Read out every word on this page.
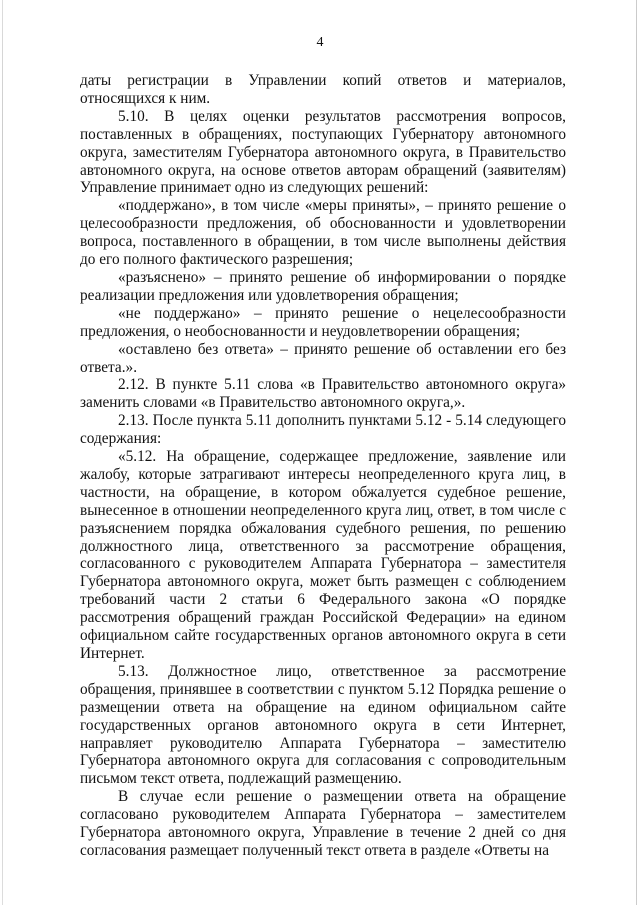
4

даты регистрации в Управлении копий ответов и материалов, относящихся к ним.

5.10. В целях оценки результатов рассмотрения вопросов, поставленных в обращениях, поступающих Губернатору автономного округа, заместителям Губернатора автономного округа, в Правительство автономного округа, на основе ответов авторам обращений (заявителям) Управление принимает одно из следующих решений:

«поддержано», в том числе «меры приняты», – принято решение о целесообразности предложения, об обоснованности и удовлетворении вопроса, поставленного в обращении, в том числе выполнены действия до его полного фактического разрешения;

«разъяснено» – принято решение об информировании о порядке реализации предложения или удовлетворения обращения;

«не поддержано» – принято решение о нецелесообразности предложения, о необоснованности и неудовлетворении обращения;

«оставлено без ответа» – принято решение об оставлении его без ответа.».

2.12. В пункте 5.11 слова «в Правительство автономного округа» заменить словами «в Правительство автономного округа,».

2.13. После пункта 5.11 дополнить пунктами 5.12 - 5.14 следующего содержания:

«5.12. На обращение, содержащее предложение, заявление или жалобу, которые затрагивают интересы неопределенного круга лиц, в частности, на обращение, в котором обжалуется судебное решение, вынесенное в отношении неопределенного круга лиц, ответ, в том числе с разъяснением порядка обжалования судебного решения, по решению должностного лица, ответственного за рассмотрение обращения, согласованного с руководителем Аппарата Губернатора – заместителя Губернатора автономного округа, может быть размещен с соблюдением требований части 2 статьи 6 Федерального закона «О порядке рассмотрения обращений граждан Российской Федерации» на едином официальном сайте государственных органов автономного округа в сети Интернет.

5.13. Должностное лицо, ответственное за рассмотрение обращения, принявшее в соответствии с пунктом 5.12 Порядка решение о размещении ответа на обращение на едином официальном сайте государственных органов автономного округа в сети Интернет, направляет руководителю Аппарата Губернатора – заместителю Губернатора автономного округа для согласования с сопроводительным письмом текст ответа, подлежащий размещению.

В случае если решение о размещении ответа на обращение согласовано руководителем Аппарата Губернатора – заместителем Губернатора автономного округа, Управление в течение 2 дней со дня согласования размещает полученный текст ответа в разделе «Ответы на
